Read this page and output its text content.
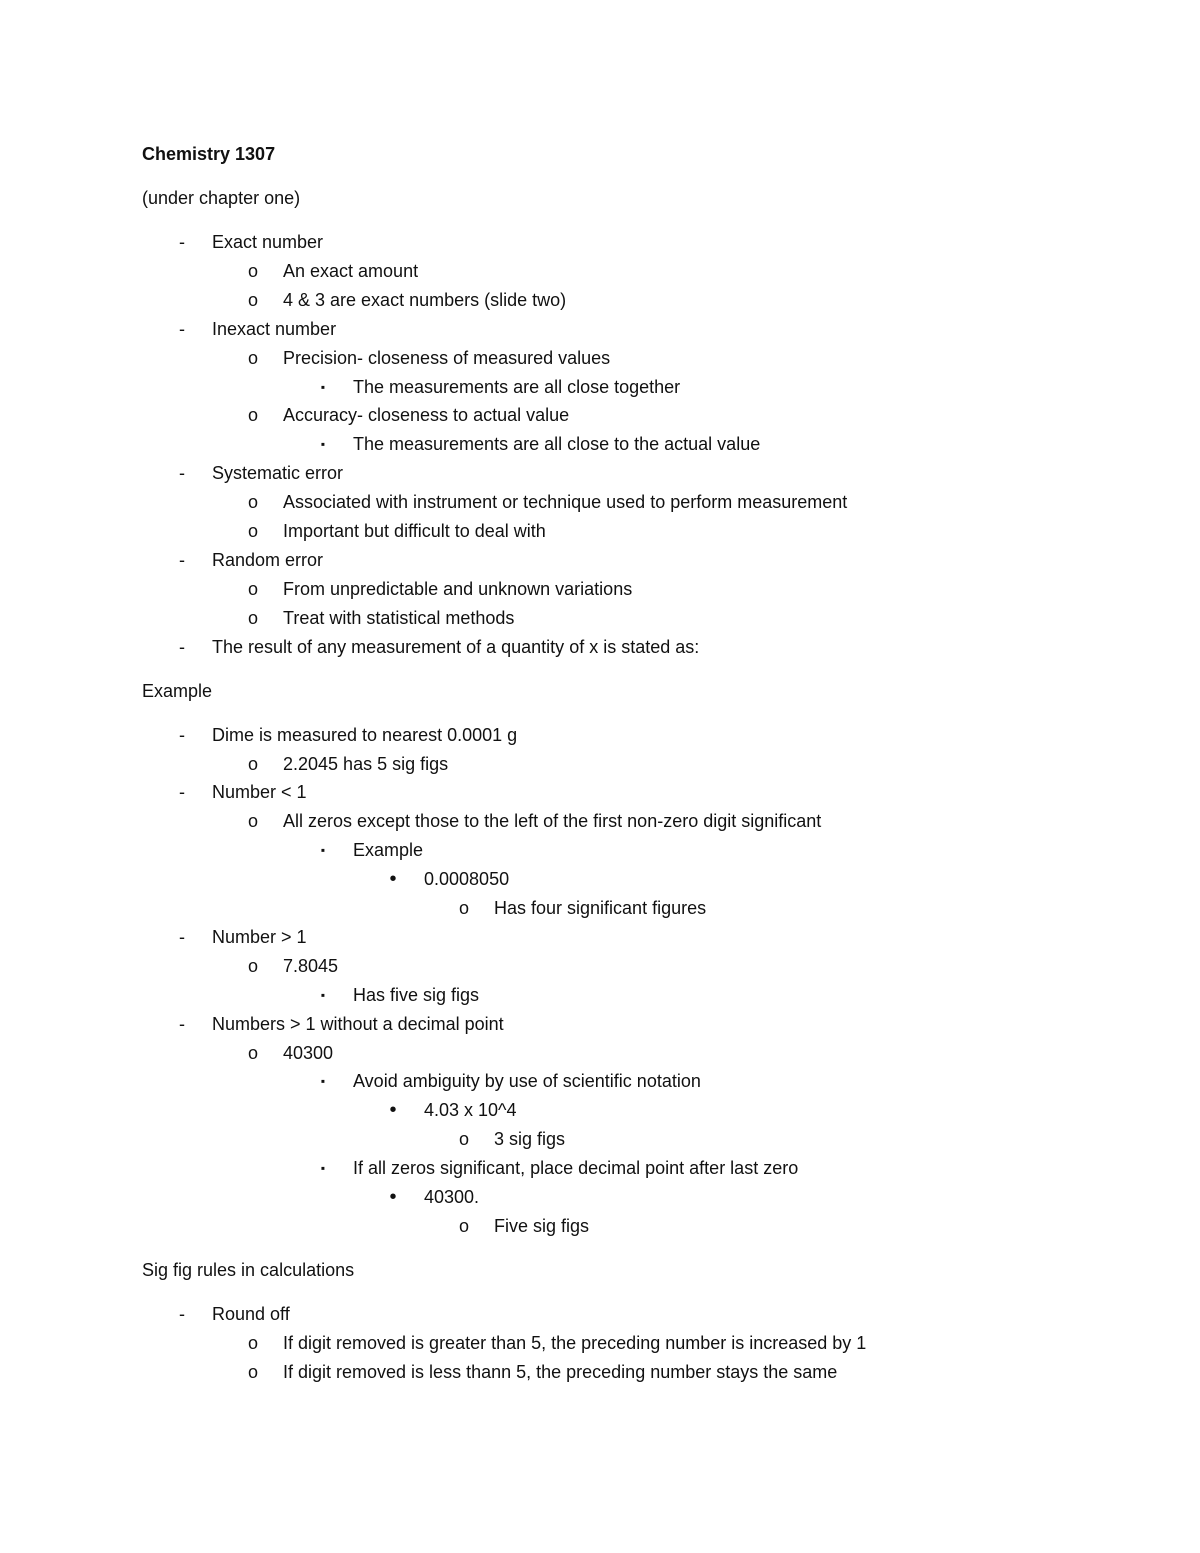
Chemistry 1307
(under chapter one)
-	Exact number
o An exact amount
o 4 & 3 are exact numbers (slide two)
-	Inexact number
o Precision- closeness of measured values
▪	The measurements are all close together
o Accuracy- closeness to actual value
▪	The measurements are all close to the actual value
-	Systematic error
o Associated with instrument or technique used to perform measurement
o Important but difficult to deal with
-	Random error
o From unpredictable and unknown variations
o Treat with statistical methods
-	The result of any measurement of a quantity of x is stated as:
Example
-	Dime is measured to nearest 0.0001 g
o 2.2045 has 5 sig figs
-	Number < 1
o All zeros except those to the left of the first non-zero digit significant
▪	Example
•	0.0008050
o Has four significant figures
-	Number > 1
o 7.8045
▪	Has five sig figs
-	Numbers > 1 without a decimal point
o 40300
▪	Avoid ambiguity by use of scientific notation
•	4.03 x 10^4
o 3 sig figs
▪	If all zeros significant, place decimal point after last zero
•	40300.
o Five sig figs
Sig fig rules in calculations
-	Round off
o If digit removed is greater than 5, the preceding number is increased by 1
o If digit removed is less thann 5, the preceding number stays the same
